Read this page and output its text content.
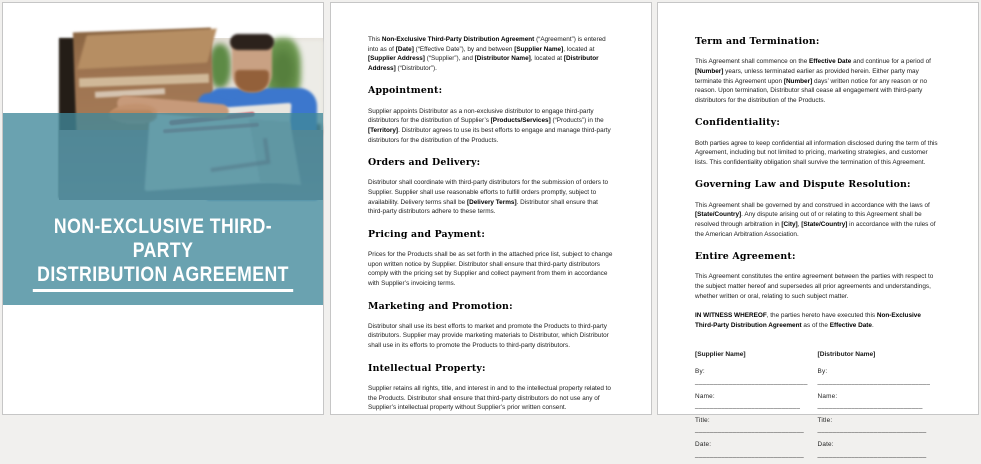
NON-EXCLUSIVE THIRD-PARTY
DISTRIBUTION AGREEMENT

This Non-Exclusive Third-Party Distribution Agreement (“Agreement”) is entered into as of [Date] (“Effective Date”), by and between [Supplier Name], located at [Supplier Address] (“Supplier”), and [Distributor Name], located at [Distributor Address] (“Distributor”).

Appointment:

Supplier appoints Distributor as a non-exclusive distributor to engage third-party distributors for the distribution of Supplier’s [Products/Services] (“Products”) in the [Territory]. Distributor agrees to use its best efforts to engage and manage third-party distributors for the distribution of the Products.

Orders and Delivery:

Distributor shall coordinate with third-party distributors for the submission of orders to Supplier. Supplier shall use reasonable efforts to fulfill orders promptly, subject to availability. Delivery terms shall be [Delivery Terms]. Distributor shall ensure that third-party distributors adhere to these terms.

Pricing and Payment:

Prices for the Products shall be as set forth in the attached price list, subject to change upon written notice by Supplier. Distributor shall ensure that third-party distributors comply with the pricing set by Supplier and collect payment from them in accordance with Supplier’s invoicing terms.

Marketing and Promotion:

Distributor shall use its best efforts to market and promote the Products to third-party distributors. Supplier may provide marketing materials to Distributor, which Distributor shall use in its efforts to promote the Products to third-party distributors.

Intellectual Property:

Supplier retains all rights, title, and interest in and to the intellectual property related to the Products. Distributor shall ensure that third-party distributors do not use any of Supplier’s intellectual property without Supplier’s prior written consent.

Term and Termination:

This Agreement shall commence on the Effective Date and continue for a period of [Number] years, unless terminated earlier as provided herein. Either party may terminate this Agreement upon [Number] days’ written notice for any reason or no reason. Upon termination, Distributor shall cease all engagement with third-party distributors for the distribution of the Products.

Confidentiality:

Both parties agree to keep confidential all information disclosed during the term of this Agreement, including but not limited to pricing, marketing strategies, and customer lists. This confidentiality obligation shall survive the termination of this Agreement.

Governing Law and Dispute Resolution:

This Agreement shall be governed by and construed in accordance with the laws of [State/Country]. Any dispute arising out of or relating to this Agreement shall be resolved through arbitration in [City], [State/Country] in accordance with the rules of the American Arbitration Association.

Entire Agreement:

This Agreement constitutes the entire agreement between the parties with respect to the subject matter hereof and supersedes all prior agreements and understandings, whether written or oral, relating to such subject matter.

IN WITNESS WHEREOF, the parties hereto have executed this Non-Exclusive Third-Party Distribution Agreement as of the Effective Date.

[Supplier Name]
By: ______________________________
Name: ____________________________
Title: _____________________________
Date: _____________________________
[Distributor Name]
By: ______________________________
Name: ____________________________
Title: _____________________________
Date: _____________________________
